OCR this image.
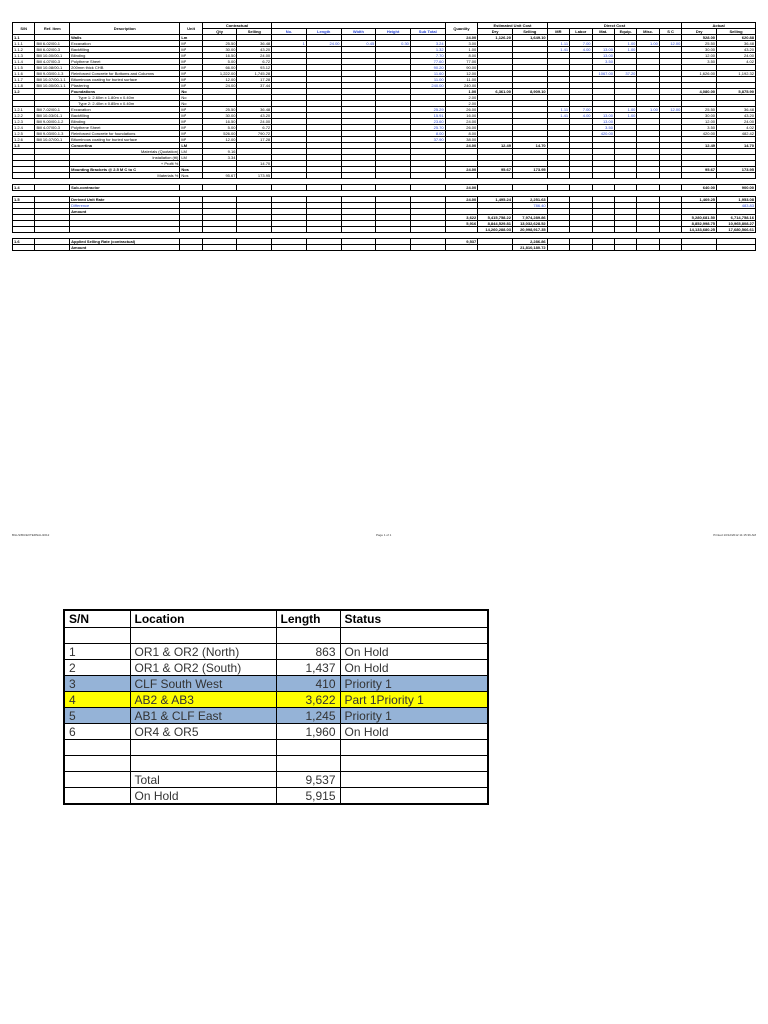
S/N	Ref. Item	Description	Unit	Contractual							Quantity	Estimated Unit Cost		Direct Cost						Actual	
				Qty	Selling	No.	Length	Width	Height	Sub Total		Dry	Selling	MR	Labor	Mat.	Equip.	Misc.	S C	Dry	Selling
1.1		Walls	Lm								24.00	1,126.20	1,649.10							528.00	620.88
1.1.1	Bill 6-02/00-1	Excavation	M³	25.50	36.48	1	24.00	0.45	0.30	3.24	3.00			1.11	7.00		1.00	1.00	12.00	25.50	36.48
1.1.2	Bill 6-02/00-3	Backfilling	M³	30.00	43.20					1.32	1.00			1.41	4.00	13.00	1.00			30.00	43.20
1.1.3	Bill 10-00/00-1	Blinding	M²	16.50	24.00					7.70	8.00					13.00				12.00	24.00
1.1.4	Bill 4-07/00-3	Polythene Sheet	M²	5.00	6.72					77.60	77.00					3.50				3.50	4.02
1.1.5	Bill 10-08/00-1	200mm thick CHB	M²	66.00	93.12					90.20	90.00										
1.1.6	Bill 9-03/00-1.3	Reinforced Concrete for Bottoms and Columns	M³	1,222.00	1,745.28					11.60	12.00					1067.00	37.20			1,626.00	1,192.32
1.1.7	Bill 10-07/00-1.1	Bituminous coating for buried surface	M²	12.00	17.28					11.00	11.00										
1.1.8	Bill 10-00/00-1.1	Plastering	M²	24.00	37.44					240.00	240.00										
1.2		Foundations	No								1.00	6,361.00	8,909.10							4,080.00	5,875.90
		Type 1: 2.60m x 1.80m x 0.40m	No								2.00										
		Type 2: 2.40m x 0.85m x 0.40m	No								2.00										
1.2.1	Bill 7-02/00-1	Excavation	M³	25.50	36.48					25.29	26.00			1.11	7.00		1.00	1.00	12.00	25.50	36.48
1.2.2	Bill 10-03/01-1	Backfilling	M³	30.00	43.20					15.91	16.00			1.41	4.00	13.00	1.00			30.00	43.20
1.2.3	Bill 9-00/00-1.2	Blinding	M²	16.50	24.00					23.60	24.00					13.00				12.00	24.00
1.2.4	Bill 4-07/00-3	Polythene Sheet	M²	5.00	6.72					25.70	26.00					3.50				3.50	4.02
1.2.5	Bill 9-03/00-1.3	Reinforced Concrete for foundations	M³	526.00	790.72					8.00	8.00					420.00				420.00	482.42
1.2.6	Bill 10-07/00-1	Bituminous coating for buried surface	M²	12.00	17.28					37.90	38.00										
1.3		Concertina	LM								24.00	12.49	14.70							12.49	14.70
		Materials (Quotation)	LM	9.16																	
		Installation (ttl)	LM	3.34																	
		+ Profit %			14.70																
		Mounting Brackets @ 2.5 M C to C	Nos								24.00	95.67	173.95							95.67	173.95
		Materials %	Nos	95.67	173.95																

1.4		Sub-contractor									24.00									640.00	900.00

1.5		Derived Unit Rate									24.00	1,495.24	2,251.63							1,469.25	1,953.08
		Difference											786.40								483.83
		Amount																			
											3,622	5,415,758.22	7,974,289.86							5,280,681.50	6,714,758.16
											5,916	8,844,529.81	13,032,628.52							8,852,998.75	10,965,808.27
												14,260,288.03	20,998,917.35							14,133,680.25	17,680,566.61

1.6		Applied Selling Rate (contractual)									9,537		2,286.86								
		Amount											21,810,180.72								
BILLS/BU/EXTERNAL/2012	Page 1 of 1	Printed 10/12/2012 11:15:36 AM
S/N	Location	Length	Status

1	OR1 & OR2 (North)	863	On Hold
2	OR1 & OR2 (South)	1,437	On Hold
3	CLF South West	410	Priority 1
4	AB2 & AB3	3,622	Part 1Priority 1
5	AB1 & CLF East	1,245	Priority 1
6	OR4 & OR5	1,960	On Hold

	Total	9,537	
	On Hold	5,915	
